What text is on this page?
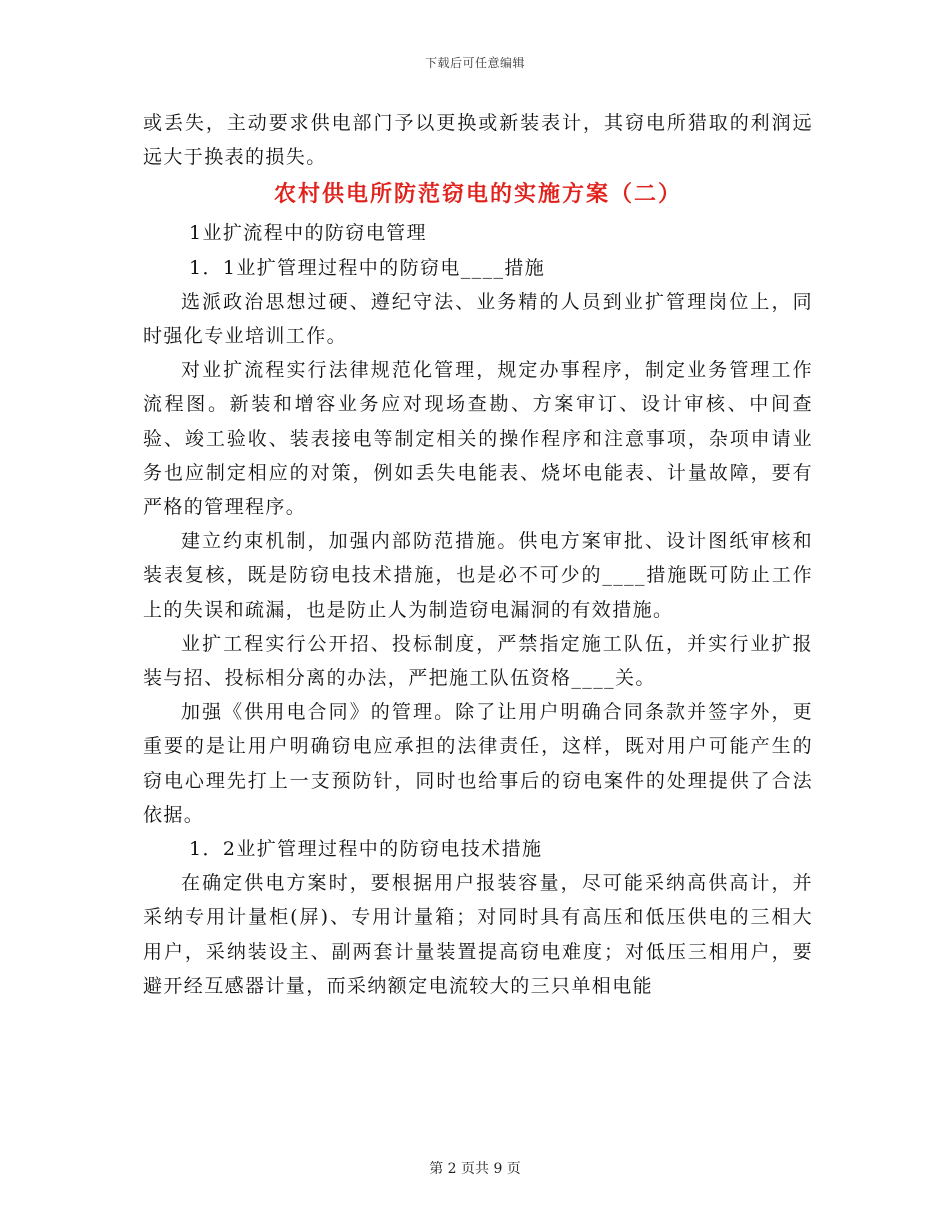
下载后可任意编辑

或丢失，主动要求供电部门予以更换或新装表计，其窃电所猎取的利润远远大于换表的损失。

农村供电所防范窃电的实施方案（二）

1业扩流程中的防窃电管理

1．1业扩管理过程中的防窃电____措施

选派政治思想过硬、遵纪守法、业务精的人员到业扩管理岗位上，同时强化专业培训工作。

对业扩流程实行法律规范化管理，规定办事程序，制定业务管理工作流程图。新装和增容业务应对现场查勘、方案审订、设计审核、中间查验、竣工验收、装表接电等制定相关的操作程序和注意事项，杂项申请业务也应制定相应的对策，例如丢失电能表、烧坏电能表、计量故障，要有严格的管理程序。

建立约束机制，加强内部防范措施。供电方案审批、设计图纸审核和装表复核，既是防窃电技术措施，也是必不可少的____措施既可防止工作上的失误和疏漏，也是防止人为制造窃电漏洞的有效措施。

业扩工程实行公开招、投标制度，严禁指定施工队伍，并实行业扩报装与招、投标相分离的办法，严把施工队伍资格____关。

加强《供用电合同》的管理。除了让用户明确合同条款并签字外，更重要的是让用户明确窃电应承担的法律责任，这样，既对用户可能产生的窃电心理先打上一支预防针，同时也给事后的窃电案件的处理提供了合法依据。

1．2业扩管理过程中的防窃电技术措施

在确定供电方案时，要根据用户报装容量，尽可能采纳高供高计，并采纳专用计量柜(屏)、专用计量箱；对同时具有高压和低压供电的三相大用户，采纳装设主、副两套计量装置提高窃电难度；对低压三相用户，要避开经互感器计量，而采纳额定电流较大的三只单相电能

第 2 页共 9 页
